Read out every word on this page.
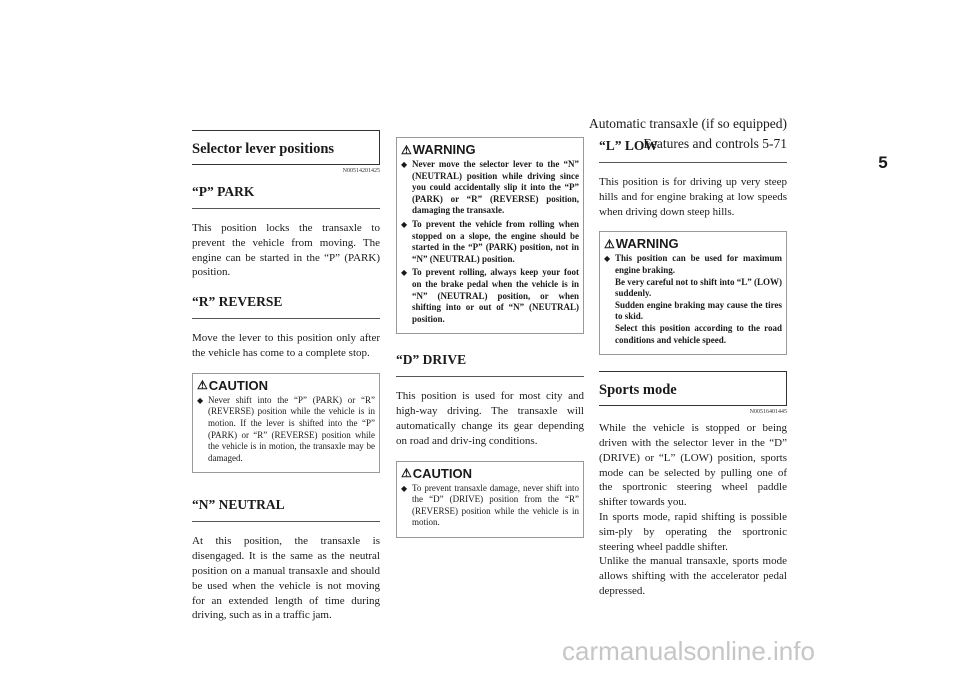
Automatic transaxle (if so equipped)
Features and controls 5-71
5
Selector lever positions
N00514201425
“P” PARK

This position locks the transaxle to prevent the vehicle from moving. The engine can be started in the “P” (PARK) position.

“R” REVERSE

Move the lever to this position only after the vehicle has come to a complete stop.

⚠ CAUTION
◆ Never shift into the “P” (PARK) or “R” (REVERSE) position while the vehicle is in motion. If the lever is shifted into the “P” (PARK) or “R” (REVERSE) position while the vehicle is in motion, the transaxle may be damaged.
“N” NEUTRAL

At this position, the transaxle is disengaged. It is the same as the neutral position on a manual transaxle and should be used when the vehicle is not moving for an extended length of time during driving, such as in a traffic jam.

⚠ WARNING
◆ Never move the selector lever to the “N” (NEUTRAL) position while driving since you could accidentally slip it into the “P” (PARK) or “R” (REVERSE) position, damaging the transaxle.
◆ To prevent the vehicle from rolling when stopped on a slope, the engine should be started in the “P” (PARK) position, not in “N” (NEUTRAL) position.
◆ To prevent rolling, always keep your foot on the brake pedal when the vehicle is in “N” (NEUTRAL) position, or when shifting into or out of “N” (NEUTRAL) position.
“D” DRIVE

This position is used for most city and high-way driving. The transaxle will automatically change its gear depending on road and driv-ing conditions.

⚠ CAUTION
◆ To prevent transaxle damage, never shift into the “D” (DRIVE) position from the “R” (REVERSE) position while the vehicle is in motion.
“L” LOW

This position is for driving up very steep hills and for engine braking at low speeds when driving down steep hills.

⚠ WARNING
◆ This position can be used for maximum engine braking.
Be very careful not to shift into “L” (LOW) suddenly.
Sudden engine braking may cause the tires to skid.
Select this position according to the road conditions and vehicle speed.
Sports mode
N00516401445

While the vehicle is stopped or being driven with the selector lever in the “D” (DRIVE) or “L” (LOW) position, sports mode can be selected by pulling one of the sportronic steering wheel paddle shifter towards you.

In sports mode, rapid shifting is possible sim-ply by operating the sportronic steering wheel paddle shifter.

Unlike the manual transaxle, sports mode allows shifting with the accelerator pedal depressed.

carmanualsonline.info
